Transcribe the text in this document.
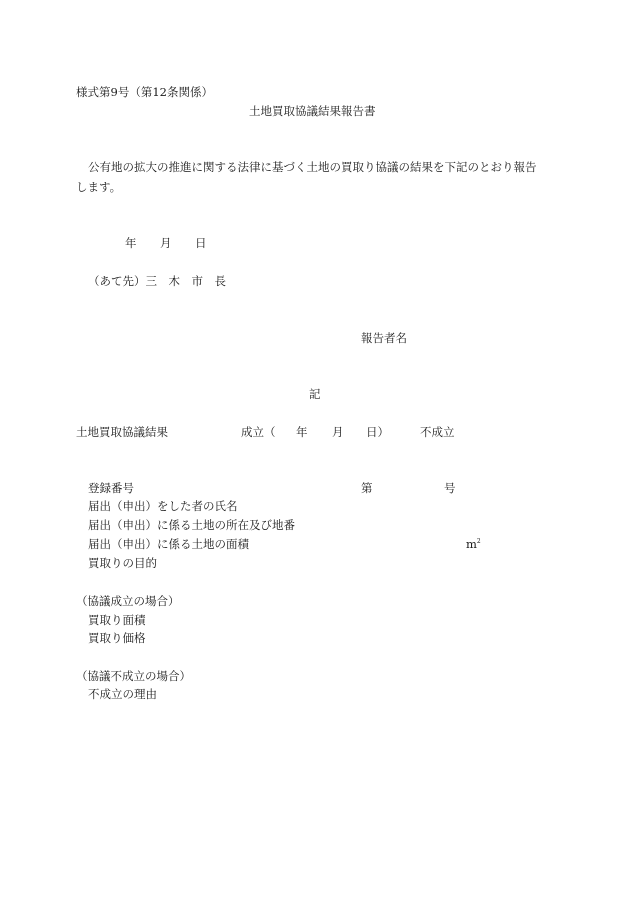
様式第9号（第12条関係）
土地買取協議結果報告書
公有地の拡大の推進に関する法律に基づく土地の買取り協議の結果を下記のとおり報告
します。
年 月 日
（あて先）三　木　市　長
報告者名
記
土地買取協議結果	成立（ 年 月 日）	不成立
登録番号	第	号
届出（申出）をした者の氏名
届出（申出）に係る土地の所在及び地番
届出（申出）に係る土地の面積	$m^2$
買取りの目的
（協議成立の場合）
買取り面積
買取り価格
（協議不成立の場合）
不成立の理由
